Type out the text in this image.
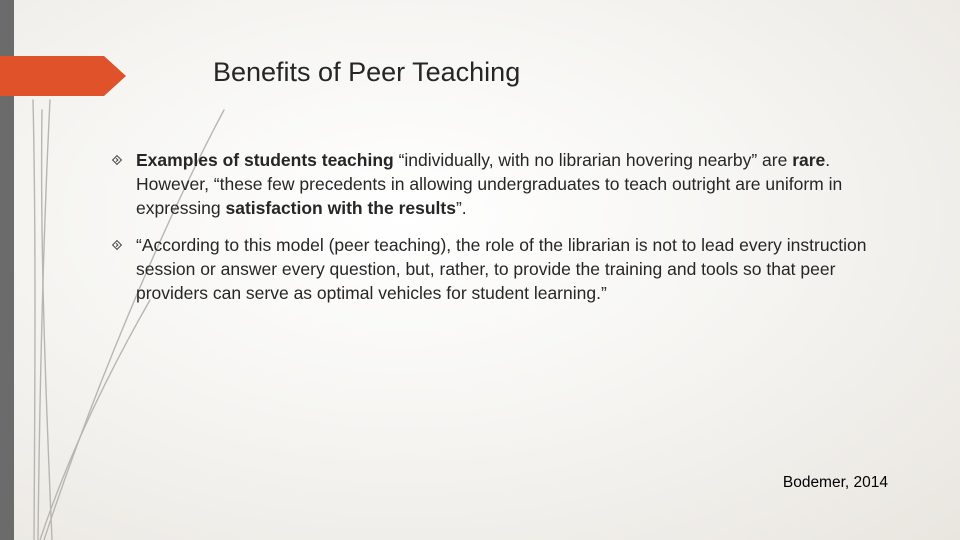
Benefits of Peer Teaching
Examples of students teaching “individually, with no librarian hovering nearby” are rare. However, “these few precedents in allowing undergraduates to teach outright are uniform in expressing satisfaction with the results”.
“According to this model (peer teaching), the role of the librarian is not to lead every instruction session or answer every question, but, rather, to provide the training and tools so that peer providers can serve as optimal vehicles for student learning.”
Bodemer, 2014
